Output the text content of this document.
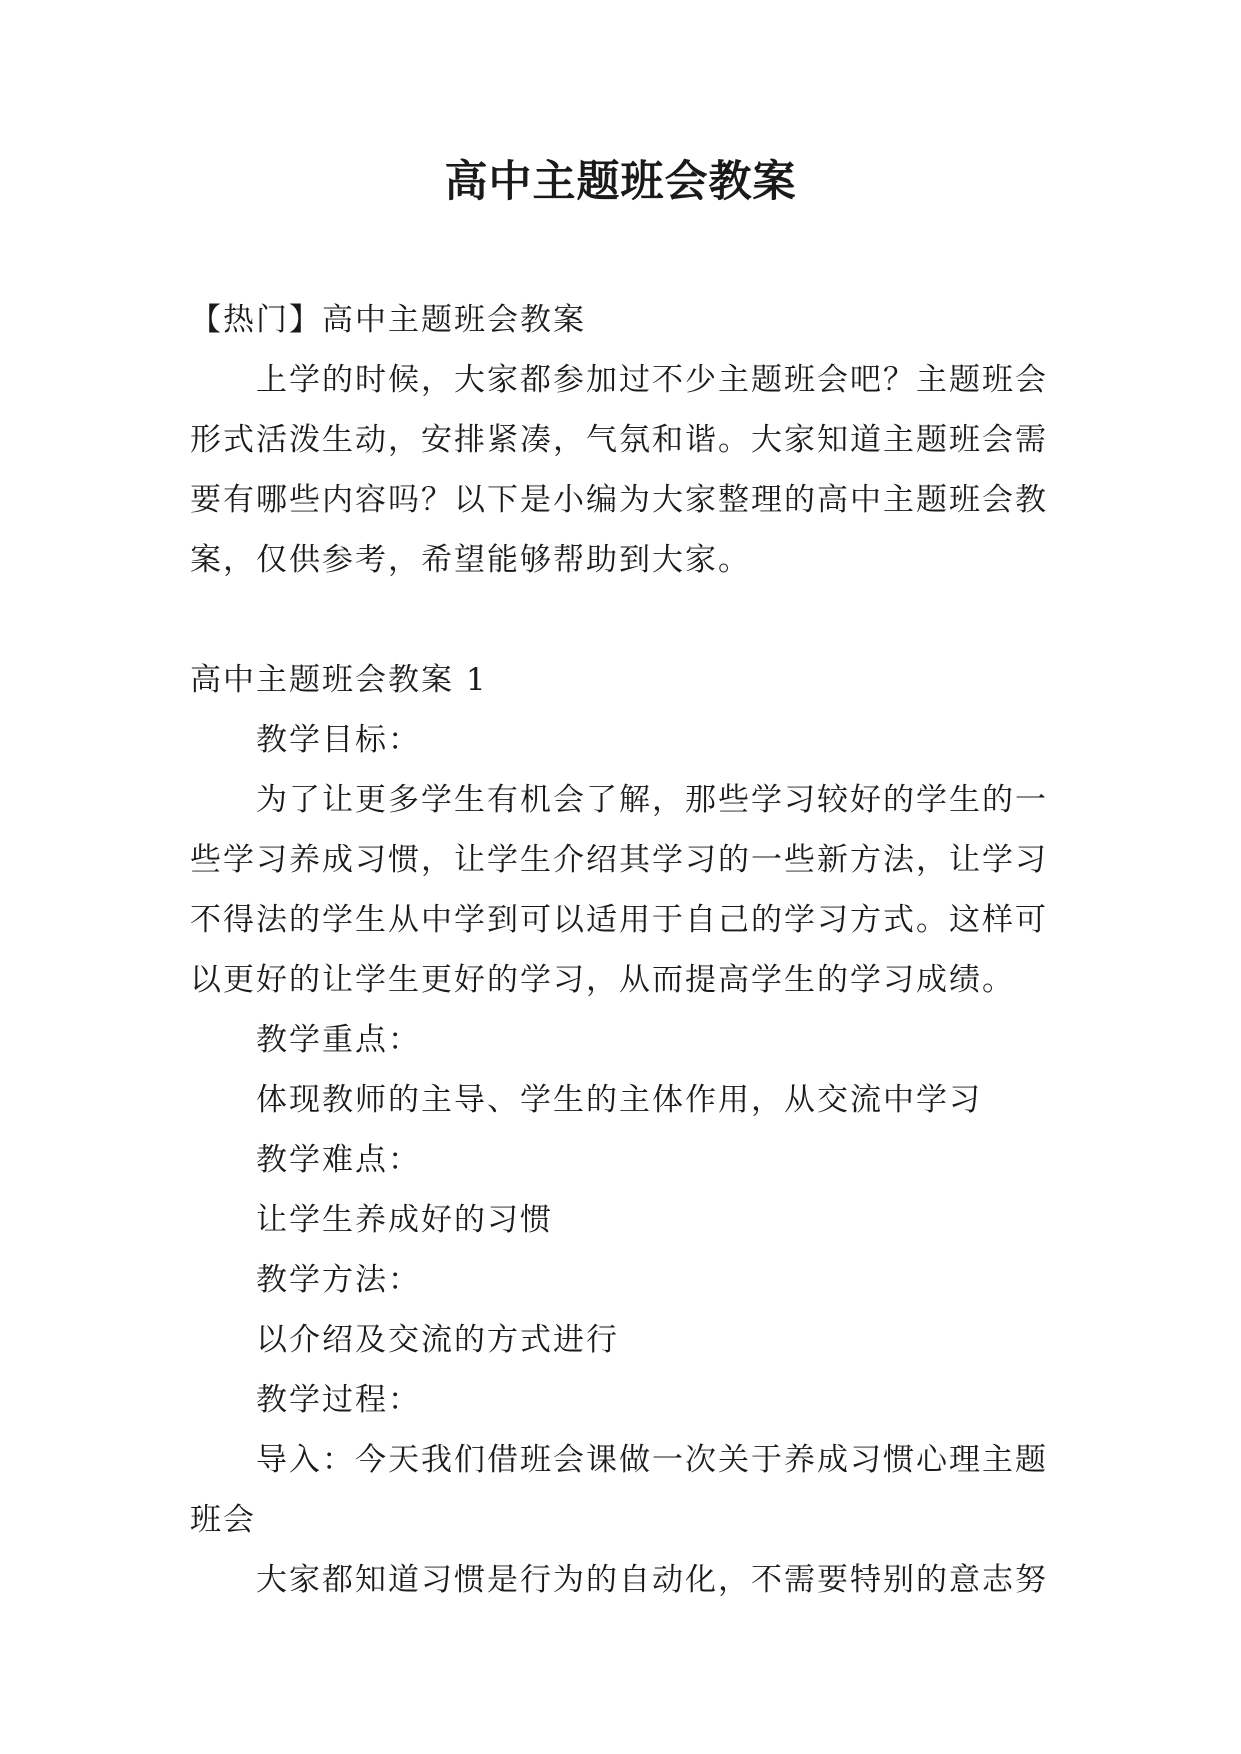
高中主题班会教案

【热门】高中主题班会教案

上学的时候，大家都参加过不少主题班会吧？主题班会形式活泼生动，安排紧凑，气氛和谐。大家知道主题班会需要有哪些内容吗？以下是小编为大家整理的高中主题班会教案，仅供参考，希望能够帮助到大家。

高中主题班会教案 1

教学目标：

为了让更多学生有机会了解，那些学习较好的学生的一些学习养成习惯，让学生介绍其学习的一些新方法，让学习不得法的学生从中学到可以适用于自己的学习方式。这样可以更好的让学生更好的学习，从而提高学生的学习成绩。

教学重点：

体现教师的主导、学生的主体作用，从交流中学习

教学难点：

让学生养成好的习惯

教学方法：

以介绍及交流的方式进行

教学过程：

导入：今天我们借班会课做一次关于养成习惯心理主题班会

大家都知道习惯是行为的自动化，不需要特别的意志努
